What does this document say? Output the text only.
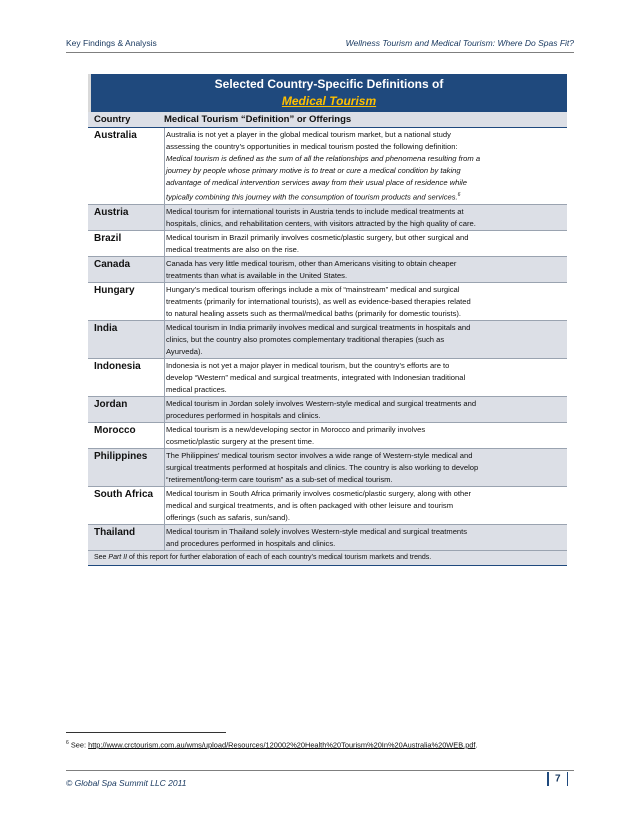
Key Findings & Analysis	Wellness Tourism and Medical Tourism: Where Do Spas Fit?
Selected Country-Specific Definitions of
Medical Tourism
Country	Medical Tourism “Definition” or Offerings
Australia	Australia is not yet a player in the global medical tourism market, but a national study
assessing the country’s opportunities in medical tourism posted the following definition:
Medical tourism is defined as the sum of all the relationships and phenomena resulting from a
journey by people whose primary motive is to treat or cure a medical condition by taking
advantage of medical intervention services away from their usual place of residence while
typically combining this journey with the consumption of tourism products and services.$^6$
Austria	Medical tourism for international tourists in Austria tends to include medical treatments at
hospitals, clinics, and rehabilitation centers, with visitors attracted by the high quality of care.
Brazil	Medical tourism in Brazil primarily involves cosmetic/plastic surgery, but other surgical and
medical treatments are also on the rise.
Canada	Canada has very little medical tourism, other than Americans visiting to obtain cheaper
treatments than what is available in the United States.
Hungary	Hungary’s medical tourism offerings include a mix of “mainstream” medical and surgical
treatments (primarily for international tourists), as well as evidence-based therapies related
to natural healing assets such as thermal/medical baths (primarily for domestic tourists).
India	Medical tourism in India primarily involves medical and surgical treatments in hospitals and
clinics, but the country also promotes complementary traditional therapies (such as
Ayurveda).
Indonesia	Indonesia is not yet a major player in medical tourism, but the country’s efforts are to
develop “Western” medical and surgical treatments, integrated with Indonesian traditional
medical practices.
Jordan	Medical tourism in Jordan solely involves Western-style medical and surgical treatments and
procedures performed in hospitals and clinics.
Morocco	Medical tourism is a new/developing sector in Morocco and primarily involves
cosmetic/plastic surgery at the present time.
Philippines	The Philippines’ medical tourism sector involves a wide range of Western-style medical and
surgical treatments performed at hospitals and clinics. The country is also working to develop
“retirement/long-term care tourism” as a sub-set of medical tourism.
South Africa	Medical tourism in South Africa primarily involves cosmetic/plastic surgery, along with other
medical and surgical treatments, and is often packaged with other leisure and tourism
offerings (such as safaris, sun/sand).
Thailand	Medical tourism in Thailand solely involves Western-style medical and surgical treatments
and procedures performed in hospitals and clinics.
See Part II of this report for further elaboration of each of each country’s medical tourism markets and trends.
$^6$ See: http://www.crctourism.com.au/wms/upload/Resources/120002%20Health%20Tourism%20In%20Australia%20WEB.pdf.
© Global Spa Summit LLC 2011	7
